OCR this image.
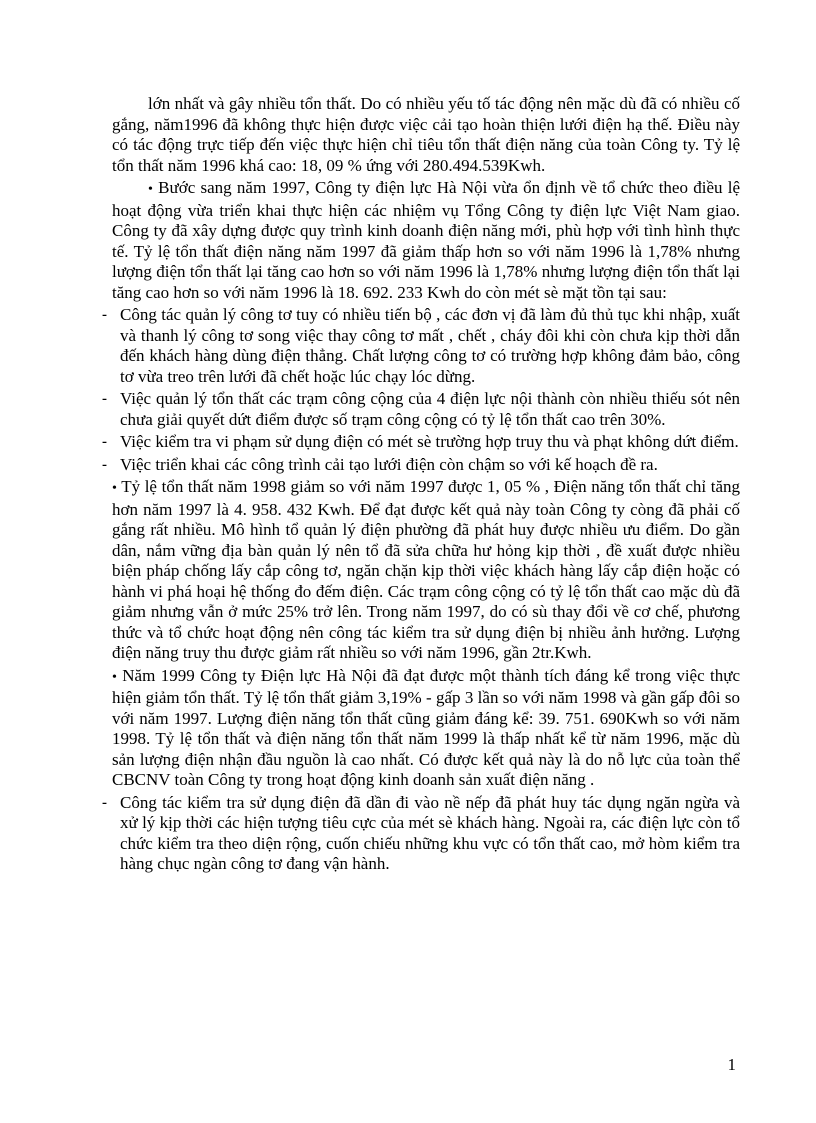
lớn nhất và gây nhiều tổn thất. Do có nhiều yếu tố tác động nên mặc dù đã có nhiều cố gắng, năm1996 đã không thực hiện được việc cải tạo hoàn thiện lưới điện hạ thế. Điều này có tác động trực tiếp đến việc thực hiện chỉ tiêu tổn thất điện năng của toàn Công ty. Tỷ lệ tổn thất năm 1996 khá cao: 18, 09 % ứng với 280.494.539Kwh.

• Bước sang năm 1997, Công ty điện lực Hà Nội vừa ổn định về tổ chức theo điều lệ hoạt động vừa triển khai thực hiện các nhiệm vụ Tổng Công ty điện lực Việt Nam giao. Công ty đã xây dựng được quy trình kinh doanh điện năng mới, phù hợp với tình hình thực tế. Tỷ lệ tổn thất điện năng năm 1997 đã giảm thấp hơn so với năm 1996 là 1,78% nhưng lượng điện tổn thất lại tăng cao hơn so với năm 1996 là 1,78% nhưng lượng điện tổn thất lại tăng cao hơn so với năm 1996 là 18. 692. 233 Kwh do còn mét sè mặt tồn tại sau:

- Công tác quản lý công tơ tuy có nhiều tiến bộ , các đơn vị đã làm đủ thủ tục khi nhập, xuất và thanh lý công tơ song việc thay công tơ mất , chết , cháy đôi khi còn chưa kịp thời dẫn đến khách hàng dùng điện thẳng. Chất lượng công tơ có trường hợp không đảm bảo, công tơ vừa treo trên lưới đã chết hoặc lúc chạy lóc dừng.

- Việc quản lý tổn thất các trạm công cộng của 4 điện lực nội thành còn nhiều thiếu sót nên chưa giải quyết dứt điểm được số trạm công cộng có tỷ lệ tổn thất cao trên 30%.

- Việc kiểm tra vi phạm sử dụng điện có mét sè trường hợp truy thu và phạt không dứt điểm.

- Việc triển khai các công trình cải tạo lưới điện còn chậm so với kế hoạch đề ra.

• Tỷ lệ tổn thất năm 1998 giảm so với năm 1997 được 1, 05 % , Điện năng tổn thất chỉ tăng hơn năm 1997 là 4. 958. 432 Kwh. Để đạt được kết quả này toàn Công ty còng đã phải cố gắng rất nhiều. Mô hình tổ quản lý điện phường đã phát huy được nhiều ưu điểm. Do gần dân, nắm vững địa bàn quản lý nên tổ đã sửa chữa hư hỏng kịp thời , đề xuất được nhiều biện pháp chống lấy cắp công tơ, ngăn chặn kịp thời việc khách hàng lấy cắp điện hoặc có hành vi phá hoại hệ thống đo đếm điện. Các trạm công cộng có tỷ lệ tổn thất cao mặc dù đã giảm nhưng vẫn ở mức 25% trở lên. Trong năm 1997, do có sù thay đổi về cơ chế, phương thức và tổ chức hoạt động nên công tác kiểm tra sử dụng điện bị nhiều ảnh hưởng. Lượng điện năng truy thu được giảm rất nhiều so với năm 1996, gần 2tr.Kwh.

• Năm 1999 Công ty Điện lực Hà Nội đã đạt được một thành tích đáng kể trong việc thực hiện giảm tổn thất. Tỷ lệ tổn thất giảm 3,19% - gấp 3 lần so với năm 1998 và gần gấp đôi so với năm 1997. Lượng điện năng tổn thất cũng giảm đáng kể: 39. 751. 690Kwh so với năm 1998. Tỷ lệ tổn thất và điện năng tổn thất năm 1999 là thấp nhất kể từ năm 1996, mặc dù sản lượng điện nhận đầu nguồn là cao nhất. Có được kết quả này là do nỗ lực của toàn thể CBCNV toàn Công ty trong hoạt động kinh doanh sản xuất điện năng .

- Công tác kiểm tra sử dụng điện đã dần đi vào nề nếp đã phát huy tác dụng ngăn ngừa và xử lý kịp thời các hiện tượng tiêu cực của mét sè khách hàng. Ngoài ra, các điện lực còn tổ chức kiểm tra theo diện rộng, cuốn chiếu những khu vực có tổn thất cao, mở hòm kiểm tra hàng chục ngàn công tơ đang vận hành.

1
